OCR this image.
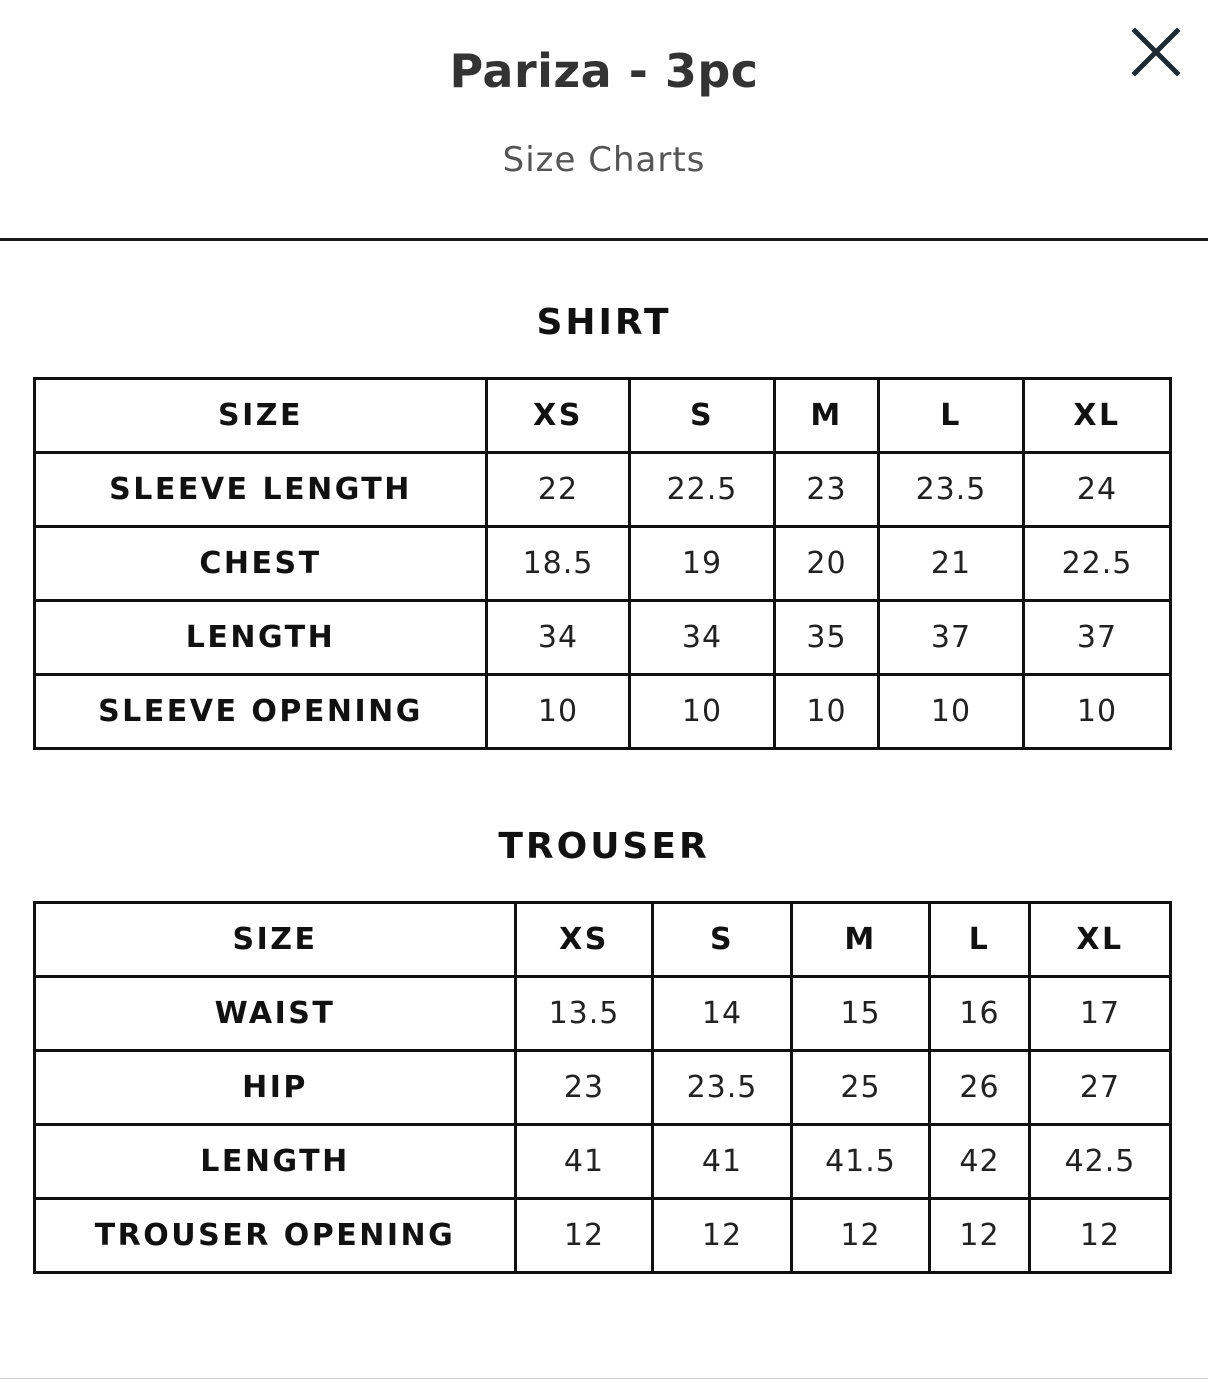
Pariza - 3pc
Size Charts
SHIRT
SIZE	XS	S	M	L	XL
SLEEVE LENGTH	22	22.5	23	23.5	24
CHEST	18.5	19	20	21	22.5
LENGTH	34	34	35	37	37
SLEEVE OPENING	10	10	10	10	10
TROUSER
SIZE	XS	S	M	L	XL
WAIST	13.5	14	15	16	17
HIP	23	23.5	25	26	27
LENGTH	41	41	41.5	42	42.5
TROUSER OPENING	12	12	12	12	12
